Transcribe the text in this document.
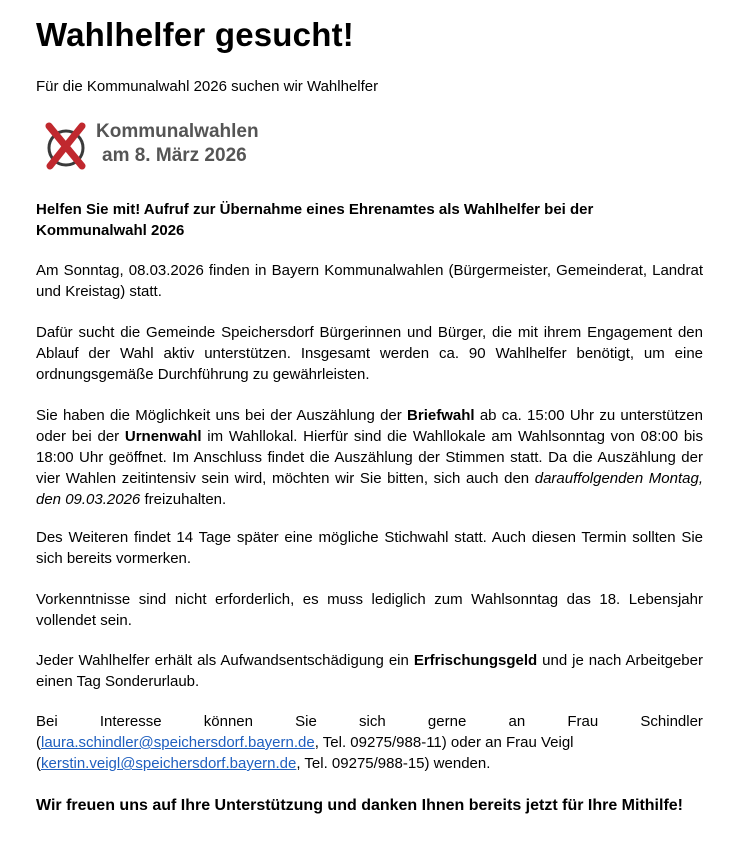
Wahlhelfer gesucht!

Für die Kommunalwahl 2026 suchen wir Wahlhelfer

Kommunalwahlen
am 8. März 2026

Helfen Sie mit! Aufruf zur Übernahme eines Ehrenamtes als Wahlhelfer bei der Kommunalwahl 2026

Am Sonntag, 08.03.2026 finden in Bayern Kommunalwahlen (Bürgermeister, Gemeinderat, Landrat und Kreistag) statt.

Dafür sucht die Gemeinde Speichersdorf Bürgerinnen und Bürger, die mit ihrem Engagement den Ablauf der Wahl aktiv unterstützen. Insgesamt werden ca. 90 Wahlhelfer benötigt, um eine ordnungsgemäße Durchführung zu gewährleisten.

Sie haben die Möglichkeit uns bei der Auszählung der Briefwahl ab ca. 15:00 Uhr zu unterstützen oder bei der Urnenwahl im Wahllokal. Hierfür sind die Wahllokale am Wahlsonntag von 08:00 bis 18:00 Uhr geöffnet. Im Anschluss findet die Auszählung der Stimmen statt. Da die Auszählung der vier Wahlen zeitintensiv sein wird, möchten wir Sie bitten, sich auch den darauffolgenden Montag, den 09.03.2026 freizuhalten.

Des Weiteren findet 14 Tage später eine mögliche Stichwahl statt. Auch diesen Termin sollten Sie sich bereits vormerken.

Vorkenntnisse sind nicht erforderlich, es muss lediglich zum Wahlsonntag das 18. Lebensjahr vollendet sein.

Jeder Wahlhelfer erhält als Aufwandsentschädigung ein Erfrischungsgeld und je nach Arbeitgeber einen Tag Sonderurlaub.

Bei	Interesse	können	Sie	sich	gerne	an	Frau	Schindler
(laura.schindler@speichersdorf.bayern.de, Tel. 09275/988-11) oder an Frau Veigl
(kerstin.veigl@speichersdorf.bayern.de, Tel. 09275/988-15) wenden.

Wir freuen uns auf Ihre Unterstützung und danken Ihnen bereits jetzt für Ihre Mithilfe!
